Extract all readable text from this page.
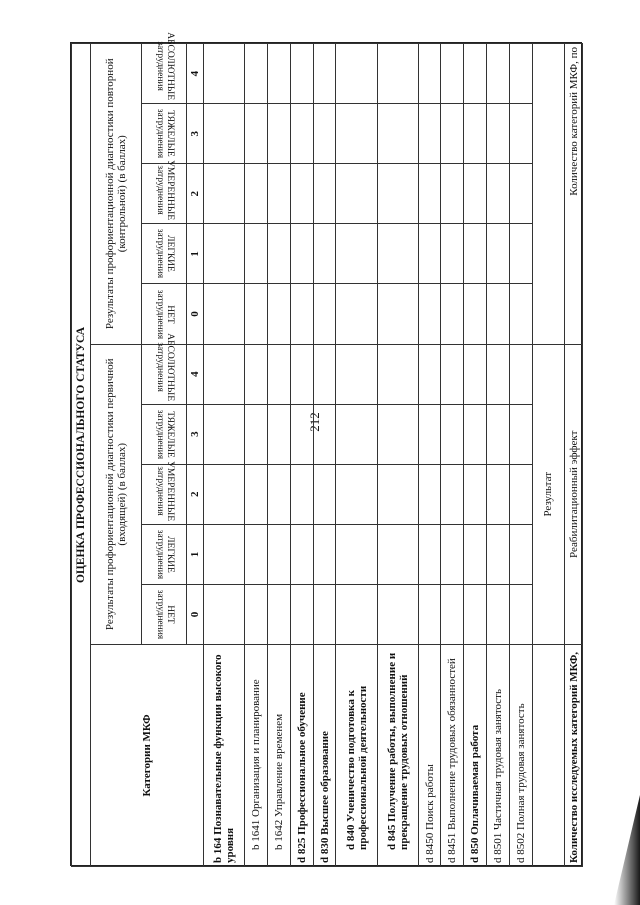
212
ОЦЕНКА ПРОФЕССИОНАЛЬНОГО СТАТУСА										
Категории МКФ	Результаты профориентационной диагностики первичной (входящей) (в баллах)					Результаты профориентационной диагностики повторной (контрольной) (в баллах)				
	НЕТ затруднения	ЛЕГКИЕ затруднения	УМЕРЕННЫЕ затруднения	ТЯЖЕЛЫЕ затруднения	АБСОЛЮТНЫЕ затруднения	НЕТ затруднения	ЛЕГКИЕ затруднения	УМЕРЕННЫЕ затруднения	ТЯЖЕЛЫЕ затруднения	АБСОЛЮТНЫЕ затруднения
	0	1	2	3	4	0	1	2	3	4
b 164 Познавательные функции высокого уровня										
b 1641 Организация и планирование										
b 1642 Управление временем										
d 825 Профессиональное обучение										
d 830 Высшее образование										
d 840 Ученичество подготовка к профессиональной деятельности										
d 845 Получение работы, выполнение и прекращение трудовых отношений										
d 8450 Поиск работы										
d 8451 Выполнение трудовых обязанностей										
d 850 Оплачиваемая работа										
d 8501 Частичная трудовая занятость										
d 8502 Полная трудовая занятость										
	Результат									
Количество исследуемых категорий МКФ,	Реабилитационный эффект					Количество категорий МКФ, по				
